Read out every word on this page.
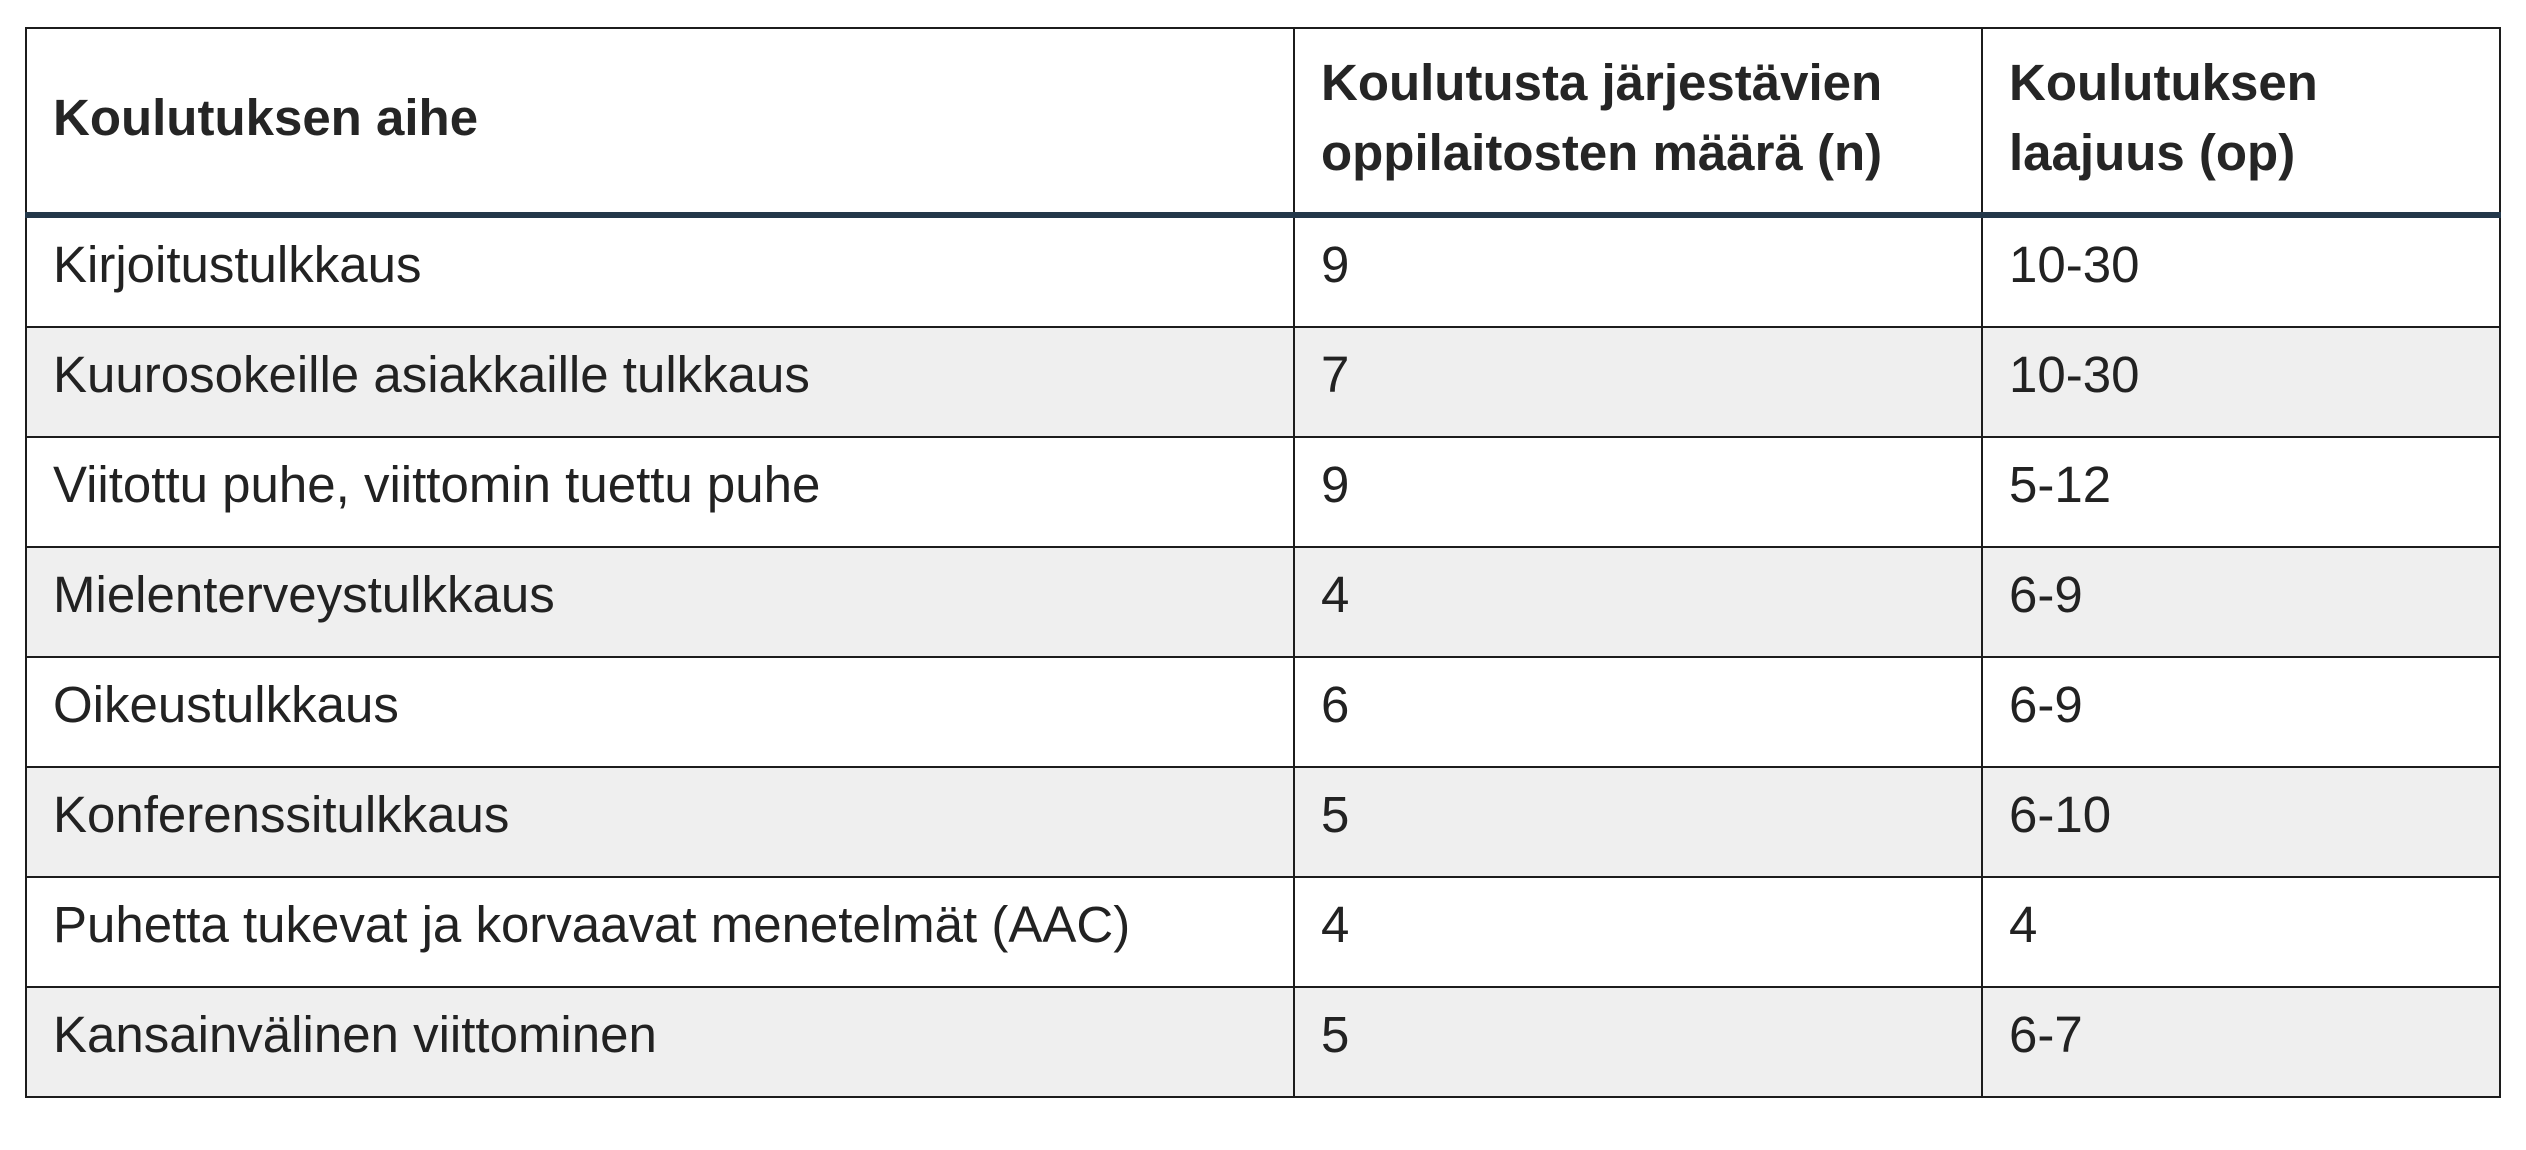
Koulutuksen aihe	Koulutusta järjestävien oppilaitosten määrä (n)	Koulutuksen laajuus (op)
Kirjoitustulkkaus	9	10-30
Kuurosokeille asiakkaille tulkkaus	7	10-30
Viitottu puhe, viittomin tuettu puhe	9	5-12
Mielenterveystulkkaus	4	6-9
Oikeustulkkaus	6	6-9
Konferenssitulkkaus	5	6-10
Puhetta tukevat ja korvaavat menetelmät (AAC)	4	4
Kansainvälinen viittominen	5	6-7
